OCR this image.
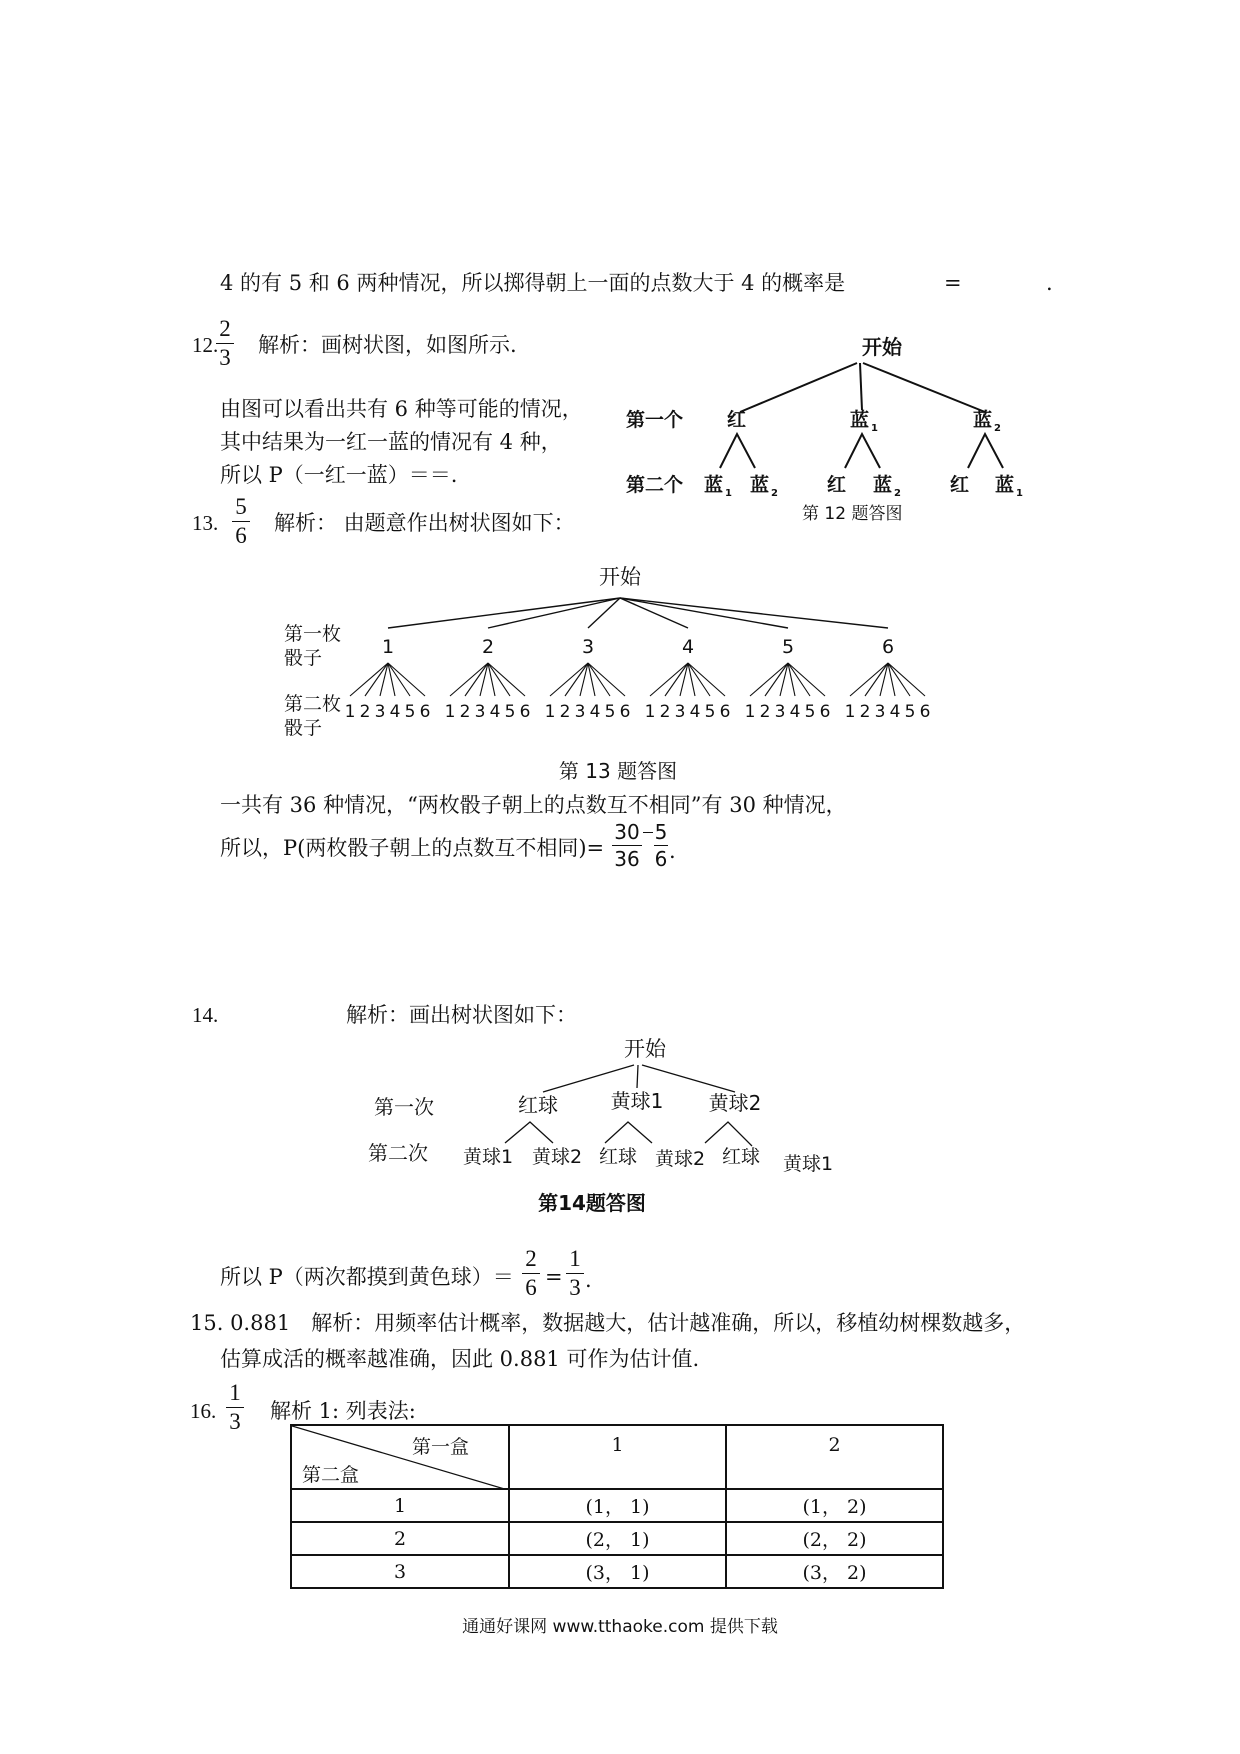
4 的有 5 和 6 两种情况，所以掷得朝上一面的点数大于 4 的概率是	=	.
12.
2
3 解析：画树状图，如图所示.
由图可以看出共有 6 种等可能的情况，
其中结果为一红一蓝的情况有 4 种，
所以 P（一红一蓝）＝＝.
开始
第一个 红	蓝 1	蓝 2
第二个 蓝 1 蓝 2	红 蓝 2	红 蓝 1
第 12 题答图
13.
5
6 解析： 由题意作出树状图如下：
开始
第一枚
骰子
第二枚
骰子
1
1 2 3 4 5 6
2
1 2 3 4 5 6
3
1 2 3 4 5 6
4
1 2 3 4 5 6
5
1 2 3 4 5 6
6
1 2 3 4 5 6
第 13 题答图
一共有 36 种情况，“两枚骰子朝上的点数互不相同”有 30 种情况，
所以，P(两枚骰子朝上的点数互不相同)=
30
36
5
6 .
14.	解析：画出树状图如下：
开始
第一次	红球	黄球1 黄球2
第二次 黄球1 黄球2 红球 黄球2 红球 黄球1
第14题答图
所以 P（两次都摸到黄色球）＝
2
6 =
1
3 .
15. 0.881　解析：用频率估计概率，数据越大，估计越准确，所以，移植幼树棵数越多，
估算成活的概率越准确，因此 0.881 可作为估计值.
16.
1
3 解析 1: 列表法:
第一盒
第二盒	1	2
1	(1， 1)	(1， 2)
2	(2， 1)	(2， 2)
3	(3， 1)	(3， 2)
通通好课网 www.tthaoke.com 提供下载
